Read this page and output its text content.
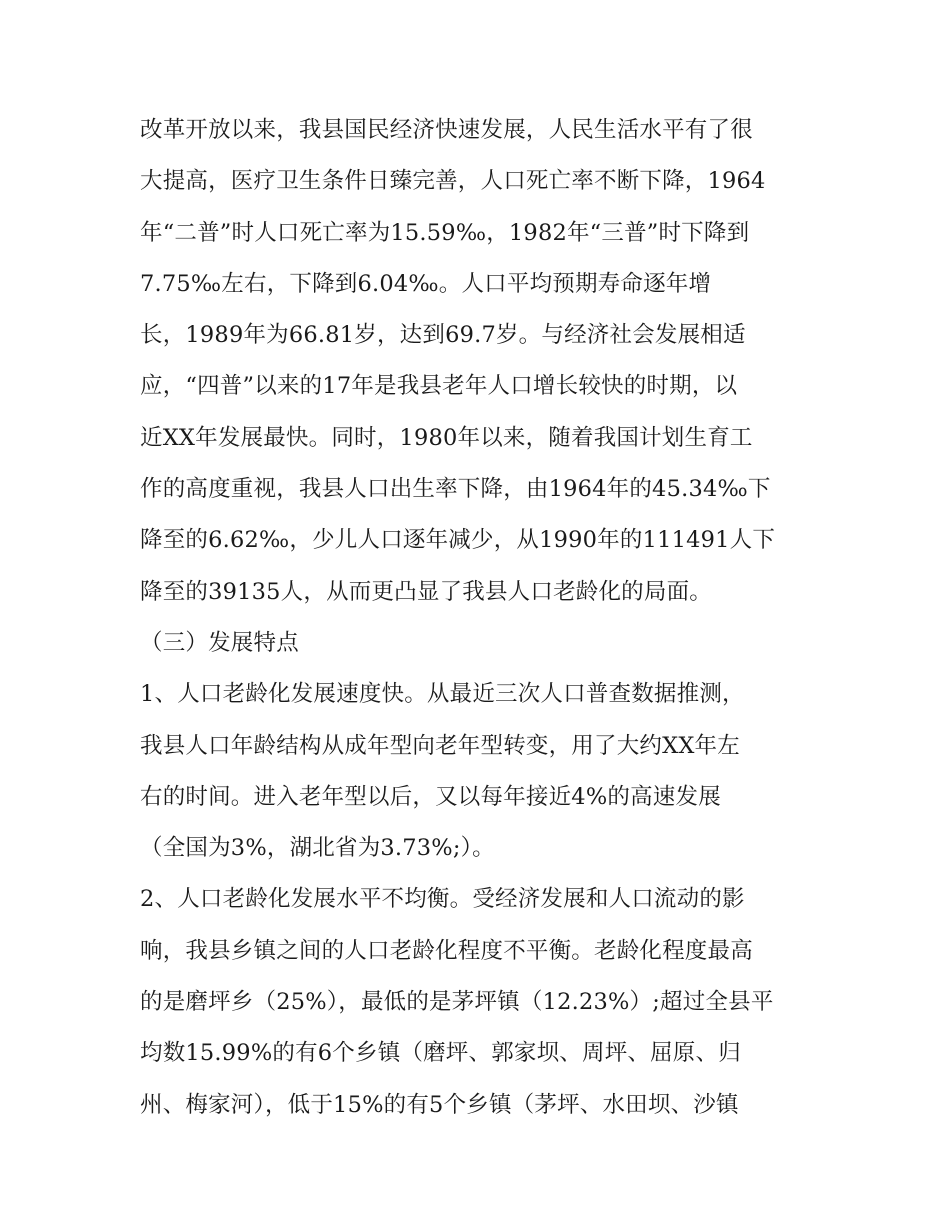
改革开放以来，我县国民经济快速发展，人民生活水平有了很
大提高，医疗卫生条件日臻完善，人口死亡率不断下降，1964
年“二普”时人口死亡率为15.59‰，1982年“三普”时下降到
7.75‰左右，下降到6.04‰。人口平均预期寿命逐年增
长，1989年为66.81岁，达到69.7岁。与经济社会发展相适
应，“四普”以来的17年是我县老年人口增长较快的时期，以
近XX年发展最快。同时，1980年以来，随着我国计划生育工
作的高度重视，我县人口出生率下降，由1964年的45.34‰下
降至的6.62‰，少儿人口逐年减少，从1990年的111491人下
降至的39135人，从而更凸显了我县人口老龄化的局面。
（三）发展特点
1、人口老龄化发展速度快。从最近三次人口普查数据推测，
我县人口年龄结构从成年型向老年型转变，用了大约XX年左
右的时间。进入老年型以后，又以每年接近4%的高速发展
（全国为3%，湖北省为3.73%;）。
2、人口老龄化发展水平不均衡。受经济发展和人口流动的影
响，我县乡镇之间的人口老龄化程度不平衡。老龄化程度最高
的是磨坪乡（25%），最低的是茅坪镇（12.23%）;超过全县平
均数15.99%的有6个乡镇（磨坪、郭家坝、周坪、屈原、归
州、梅家河），低于15%的有5个乡镇（茅坪、水田坝、沙镇
